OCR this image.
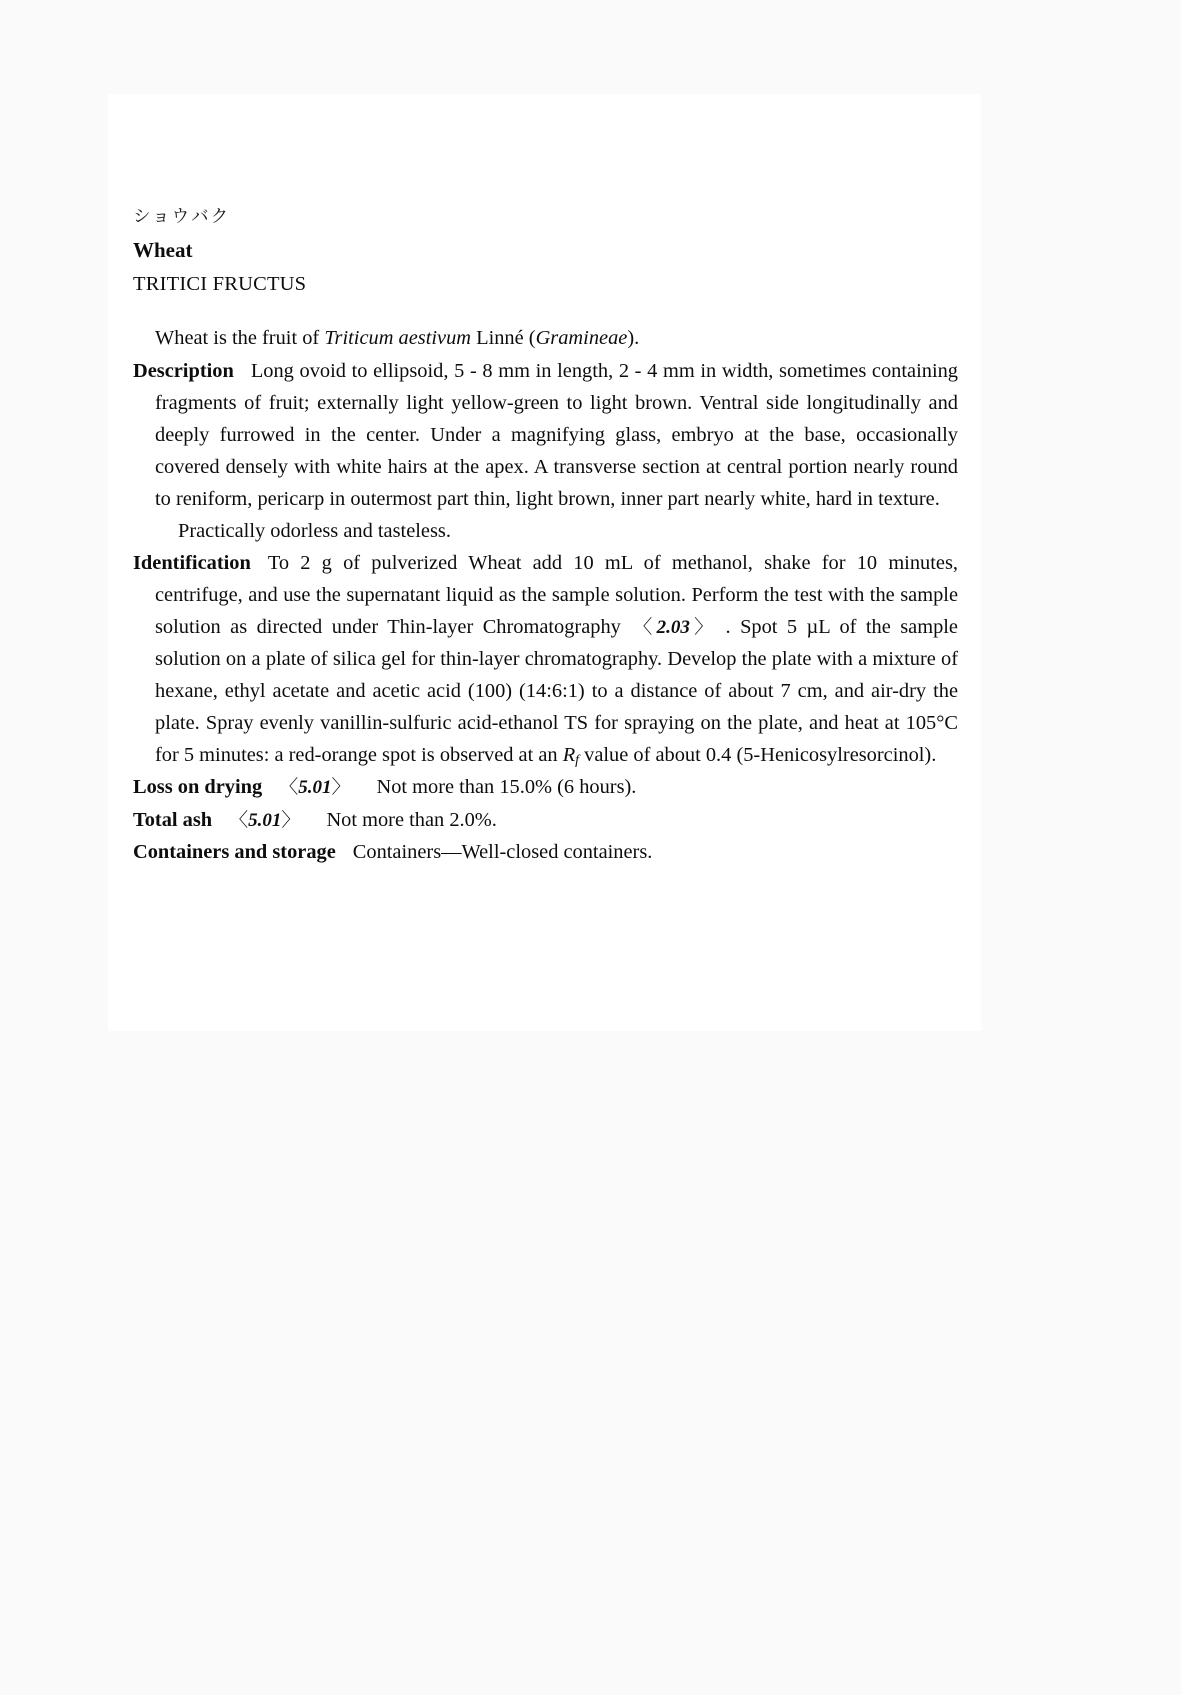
ショウバク
Wheat
TRITICI FRUCTUS

Wheat is the fruit of Triticum aestivum Linné (Gramineae).

Description Long ovoid to ellipsoid, 5 - 8 mm in length, 2 - 4 mm in width, sometimes containing fragments of fruit; externally light yellow-green to light brown. Ventral side longitudinally and deeply furrowed in the center. Under a magnifying glass, embryo at the base, occasionally covered densely with white hairs at the apex. A transverse section at central portion nearly round to reniform, pericarp in outermost part thin, light brown, inner part nearly white, hard in texture.

Practically odorless and tasteless.

Identification To 2 g of pulverized Wheat add 10 mL of methanol, shake for 10 minutes, centrifuge, and use the supernatant liquid as the sample solution. Perform the test with the sample solution as directed under Thin-layer Chromatography 〈2.03〉 . Spot 5 µL of the sample solution on a plate of silica gel for thin-layer chromatography. Develop the plate with a mixture of hexane, ethyl acetate and acetic acid (100) (14:6:1) to a distance of about 7 cm, and air-dry the plate. Spray evenly vanillin-sulfuric acid-ethanol TS for spraying on the plate, and heat at 105°C for 5 minutes: a red-orange spot is observed at an Rf value of about 0.4 (5-Henicosylresorcinol).

Loss on drying 〈5.01〉 Not more than 15.0% (6 hours).

Total ash 〈5.01〉 Not more than 2.0%.

Containers and storage Containers—Well-closed containers.
